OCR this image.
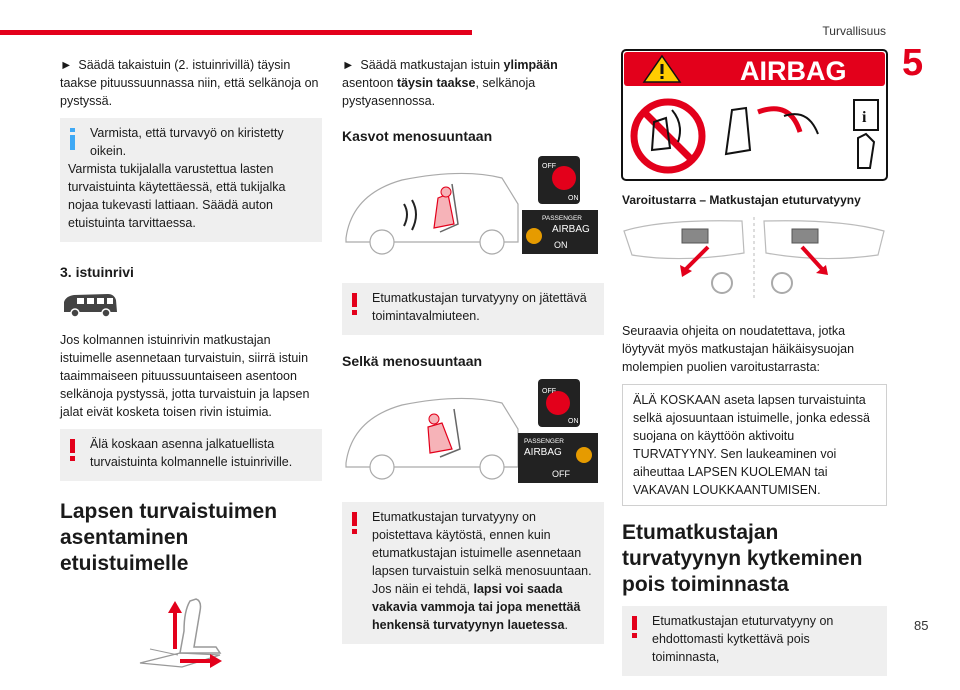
Turvallisuus
5
85

► Säädä takaistuin (2. istuinrivillä) täysin taakse pituussuunnassa niin, että selkänoja on pystyssä.

Varmista, että turvavyö on kiristetty oikein.
Varmista tukijalalla varustettua lasten turvaistuinta käytettäessä, että tukijalka nojaa tukevasti lattiaan. Säädä auton etuistuinta tarvittaessa.
3. istuinrivi

Jos kolmannen istuinrivin matkustajan istuimelle asennetaan turvaistuin, siirrä istuin taaimmaiseen pituussuuntaiseen asentoon selkänoja pystyssä, jotta turvaistuin ja lapsen jalat eivät kosketa toisen rivin istuimia.

Älä koskaan asenna jalkatuellista turvaistuinta kolmannelle istuinriville.
Lapsen turvaistuimen asentaminen etuistuimelle

► Säädä matkustajan istuin ylimpään asentoon täysin taakse, selkänoja pystyasennossa.

Kasvot menosuuntaan
OFF
ON
PASSENGER
AIRBAG
ON
Etumatkustajan turvatyyny on jätettävä toimintavalmiuteen.
Selkä menosuuntaan
OFF
ON
PASSENGER
AIRBAG
OFF
Etumatkustajan turvatyyny on poistettava käytöstä, ennen kuin etumatkustajan istuimelle asennetaan lapsen turvaistuin selkä menosuuntaan. Jos näin ei tehdä, lapsi voi saada vakavia vammoja tai jopa menettää henkensä turvatyynyn lauetessa.
AIRBAG
i
Varoitustarra – Matkustajan etuturvatyyny

Seuraavia ohjeita on noudatettava, jotka löytyvät myös matkustajan häikäisysuojan molempien puolien varoitustarrasta:

ÄLÄ KOSKAAN aseta lapsen turvaistuinta selkä ajosuuntaan istuimelle, jonka edessä suojana on käyttöön aktivoitu TURVATYYNY. Sen laukeaminen voi aiheuttaa LAPSEN KUOLEMAN tai VAKAVAN LOUKKAANTUMISEN.
Etumatkustajan turvatyynyn kytkeminen pois toiminnasta
Etumatkustajan etuturvatyyny on ehdottomasti kytkettävä pois toiminnasta,
